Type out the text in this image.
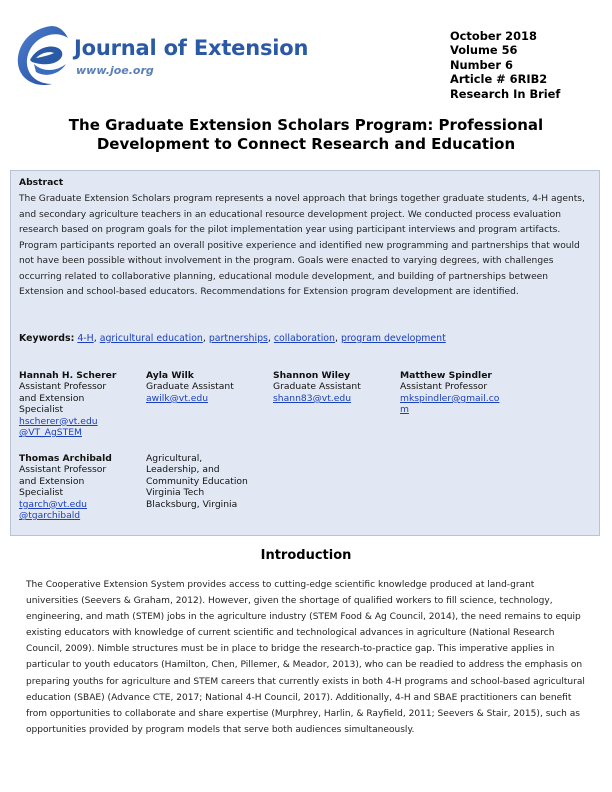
Journal of Extension
www.joe.org
October 2018
Volume 56
Number 6
Article # 6RIB2
Research In Brief
The Graduate Extension Scholars Program: Professional Development to Connect Research and Education
Abstract
The Graduate Extension Scholars program represents a novel approach that brings together graduate students, 4-H agents, and secondary agriculture teachers in an educational resource development project. We conducted process evaluation research based on program goals for the pilot implementation year using participant interviews and program artifacts. Program participants reported an overall positive experience and identified new programming and partnerships that would not have been possible without involvement in the program. Goals were enacted to varying degrees, with challenges occurring related to collaborative planning, educational module development, and building of partnerships between Extension and school-based educators. Recommendations for Extension program development are identified.
Keywords: 4-H, agricultural education, partnerships, collaboration, program development
Hannah H. Scherer
Assistant Professor
and Extension
Specialist
hscherer@vt.edu
@VT_AgSTEM
Ayla Wilk
Graduate Assistant
awilk@vt.edu
Shannon Wiley
Graduate Assistant
shann83@vt.edu
Matthew Spindler
Assistant Professor
mkspindler@gmail.co
m
Thomas Archibald
Assistant Professor
and Extension
Specialist
tgarch@vt.edu
@tgarchibald
Agricultural,
Leadership, and
Community Education
Virginia Tech
Blacksburg, Virginia
Introduction
The Cooperative Extension System provides access to cutting-edge scientific knowledge produced at land-grant universities (Seevers & Graham, 2012). However, given the shortage of qualified workers to fill science, technology, engineering, and math (STEM) jobs in the agriculture industry (STEM Food & Ag Council, 2014), the need remains to equip existing educators with knowledge of current scientific and technological advances in agriculture (National Research Council, 2009). Nimble structures must be in place to bridge the research-to-practice gap. This imperative applies in particular to youth educators (Hamilton, Chen, Pillemer, & Meador, 2013), who can be readied to address the emphasis on preparing youths for agriculture and STEM careers that currently exists in both 4-H programs and school-based agricultural education (SBAE) (Advance CTE, 2017; National 4-H Council, 2017). Additionally, 4-H and SBAE practitioners can benefit from opportunities to collaborate and share expertise (Murphrey, Harlin, & Rayfield, 2011; Seevers & Stair, 2015), such as opportunities provided by program models that serve both audiences simultaneously.
